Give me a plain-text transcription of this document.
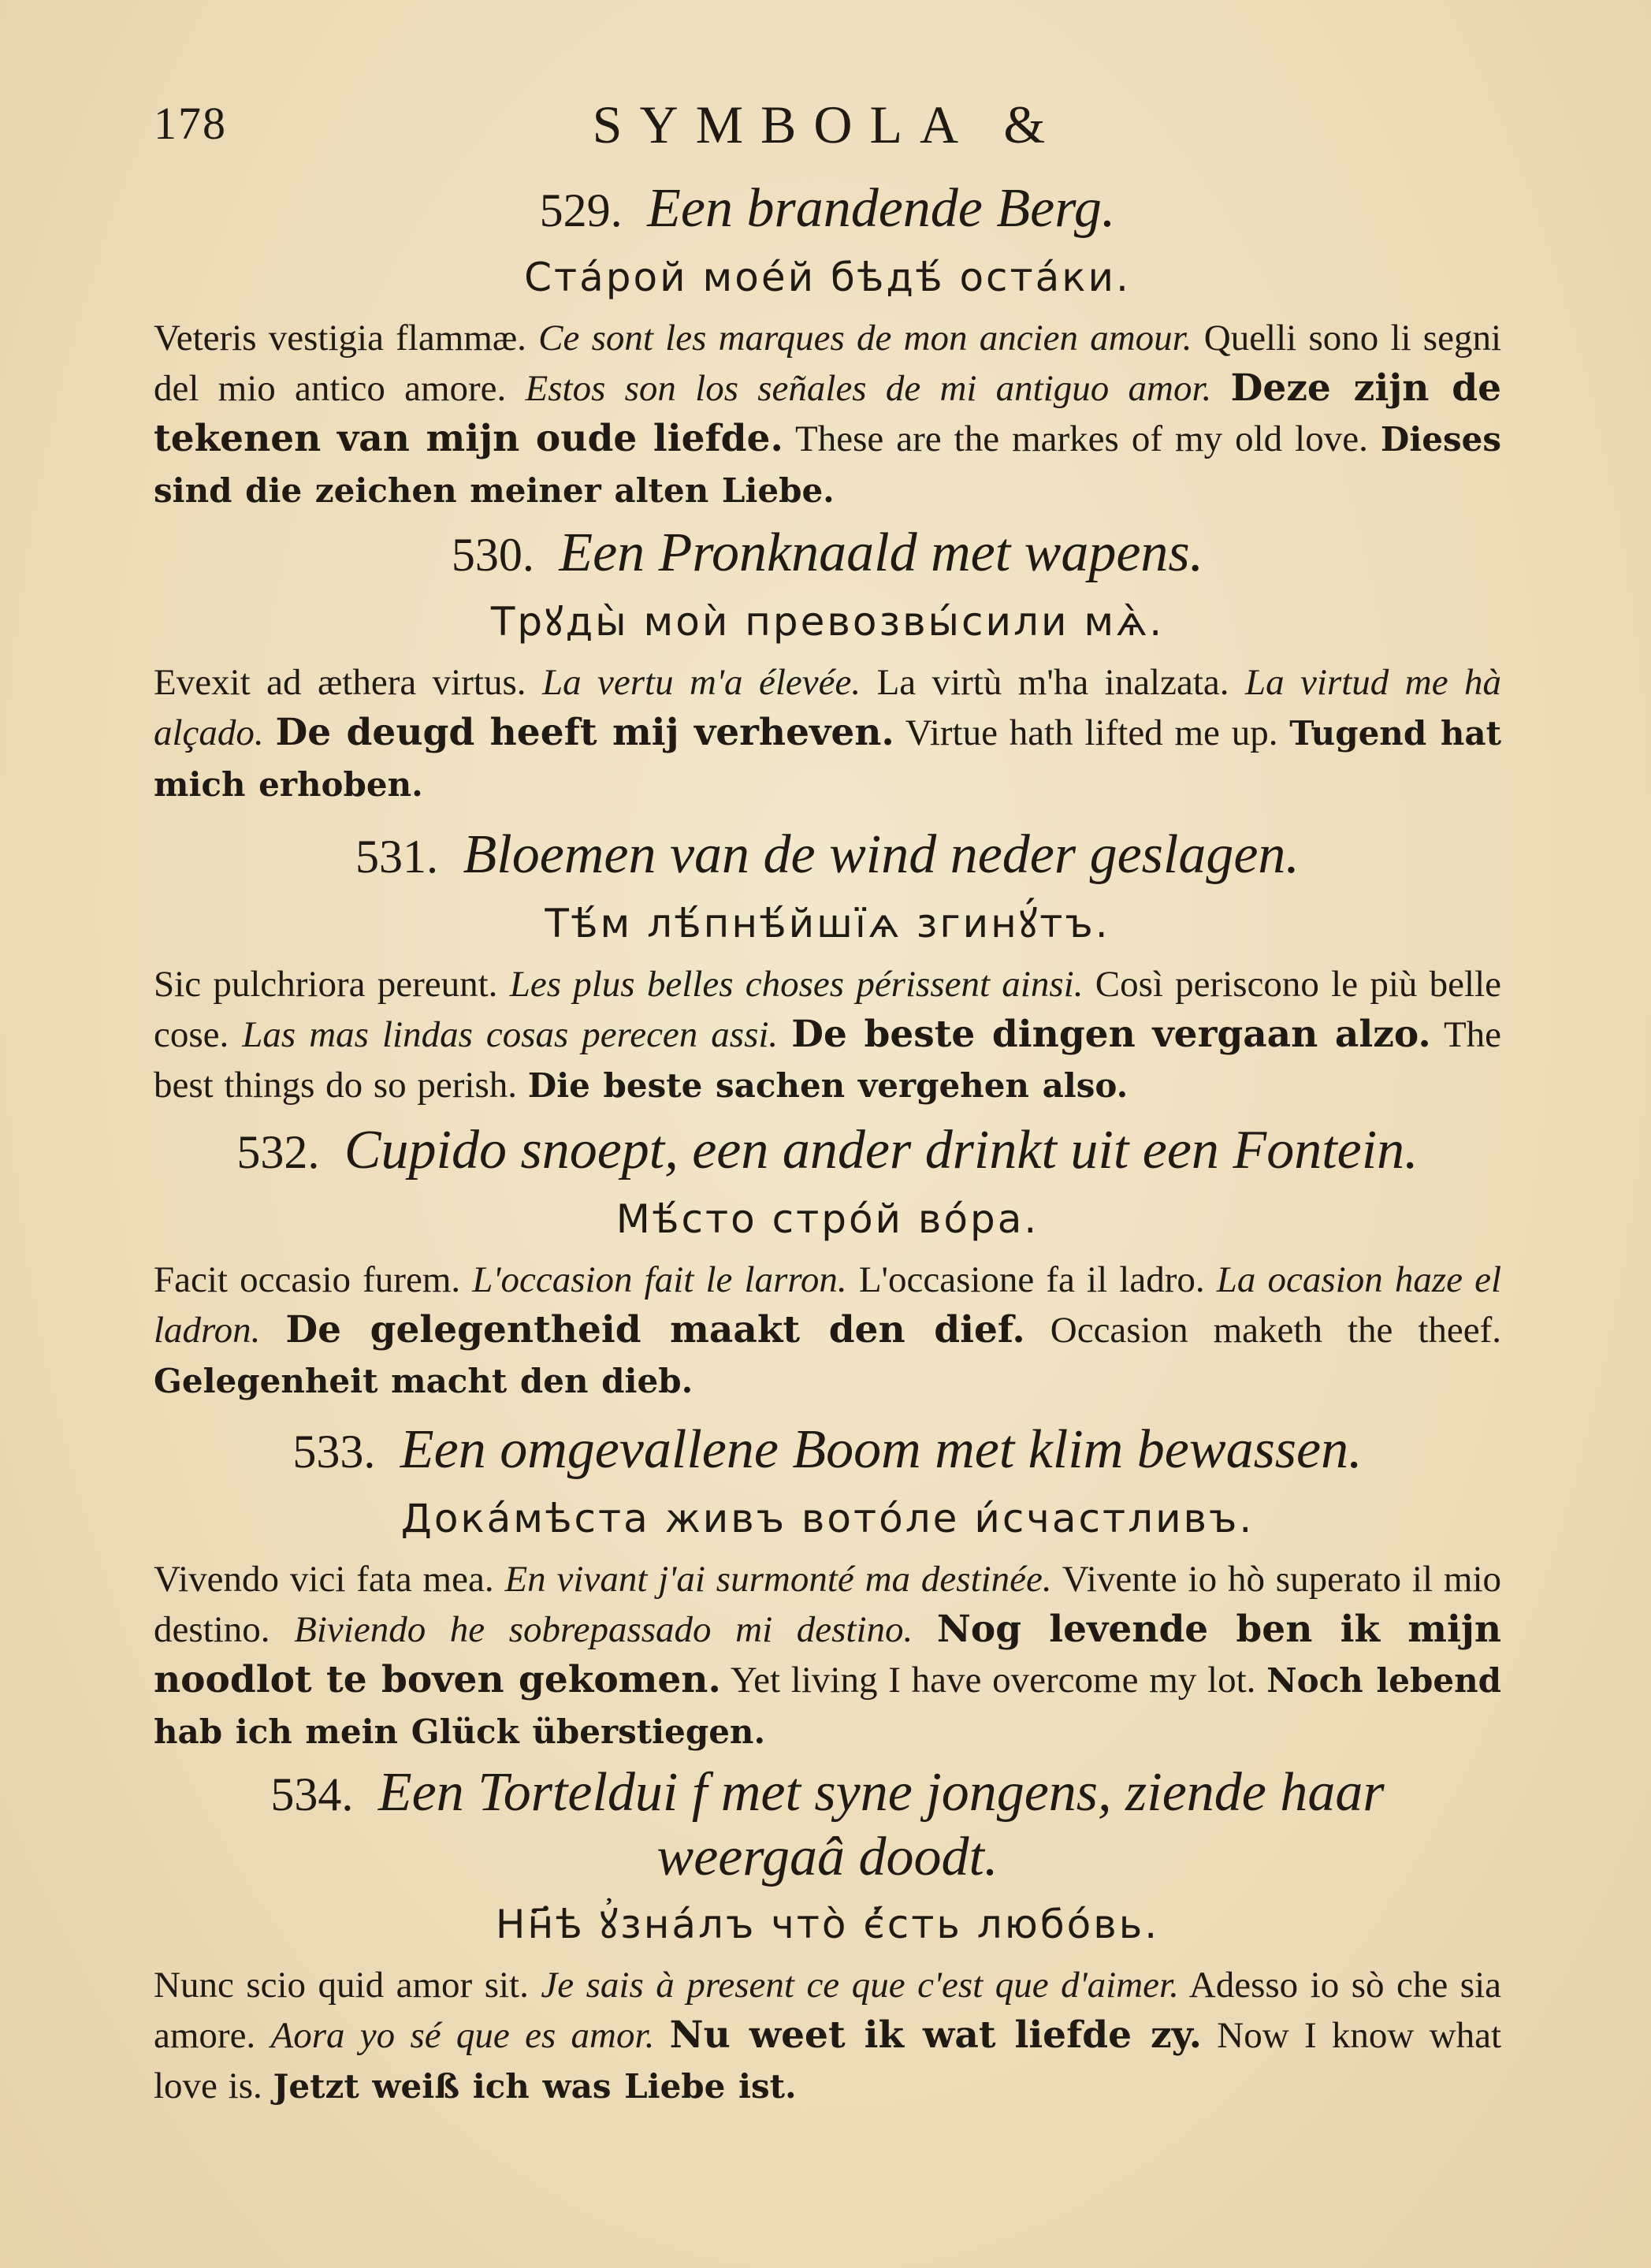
178	SYMBOLA &
529. Een brandende Berg.
Стáрой мое́й бѣдѣ́ оста́ки.
Veteris vestigia flammæ. Ce sont les marques de mon ancien amour. Quelli sono li segni del mio antico amore. Estos son los señales de mi antiguo amor. Deze zijn de tekenen van mijn oude liefde. These are the markes of my old love. Dieses sind die zeichen meiner alten Liebe.
530. Een Pronknaald met wapens.
Трꙋды̀ моѝ превозвы́сили мѧ̀.
Evexit ad æthera virtus. La vertu m'a élevée. La virtù m'ha inalzata. La virtud me hà alçado. De deugd heeft mij verheven. Virtue hath lifted me up. Tugend hat mich erhoben.
531. Bloemen van de wind neder geslagen.
Тѣ́м лѣ́пнѣ́йшїѧ згинꙋ́тъ.
Sic pulchriora pereunt. Les plus belles choses périssent ainsi. Così periscono le più belle cose. Las mas lindas cosas perecen assi. De beste dingen vergaan alzo. The best things do so perish. Die beste sachen vergehen also.
532. Cupido snoept, een ander drinkt uit een Fontein.
Мѣ́сто стро́й во́ра.
Facit occasio furem. L'occasion fait le larron. L'occasione fa il ladro. La ocasion haze el ladron. De gelegentheid maakt den dief. Occasion maketh the theef. Gelegenheit macht den dieb.
533. Een omgevallene Boom met klim bewassen.
Дока́мѣста живъ вото́ле и́счастливъ.
Vivendo vici fata mea. En vivant j'ai surmonté ma destinée. Vivente io hò superato il mio destino. Biviendo he sobrepassado mi destino. Nog levende ben ik mijn noodlot te boven gekomen. Yet living I have overcome my lot. Noch lebend hab ich mein Glück überstiegen.
534. Een Torteldui f met syne jongens, ziende haar
weergaâ doodt.
Нн҃ѣ ꙋ҆зна́лъ что̀ є҆́сть любо́вь.
Nunc scio quid amor sit. Je sais à present ce que c'est que d'aimer. Adesso io sò che sia amore. Aora yo sé que es amor. Nu weet ik wat liefde zy. Now I know what love is. Jetzt weiß ich was Liebe ist.
